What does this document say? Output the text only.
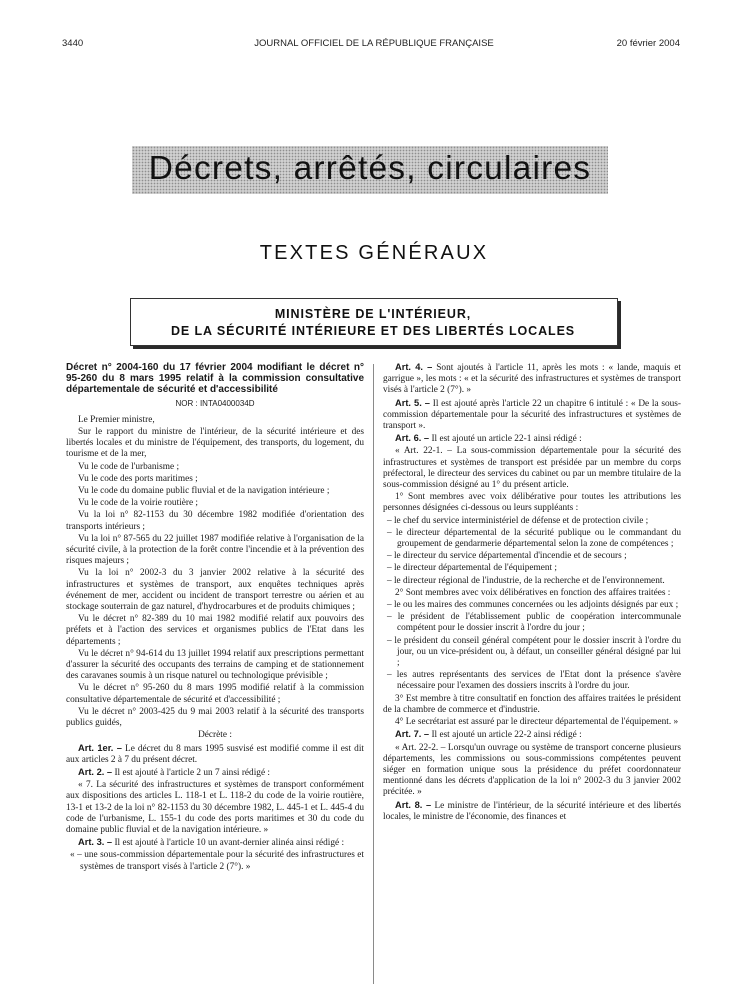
3440	JOURNAL OFFICIEL DE LA RÉPUBLIQUE FRANÇAISE	20 février 2004
Décrets, arrêtés, circulaires
TEXTES GÉNÉRAUX
MINISTÈRE DE L'INTÉRIEUR,
DE LA SÉCURITÉ INTÉRIEURE ET DES LIBERTÉS LOCALES

Décret n° 2004-160 du 17 février 2004 modifiant le décret n° 95-260 du 8 mars 1995 relatif à la commission consultative départementale de sécurité et d'accessibilité

NOR : INTA0400034D

Le Premier ministre,

Sur le rapport du ministre de l'intérieur, de la sécurité intérieure et des libertés locales et du ministre de l'équipement, des transports, du logement, du tourisme et de la mer,

Vu le code de l'urbanisme ;

Vu le code des ports maritimes ;

Vu le code du domaine public fluvial et de la navigation intérieure ;

Vu le code de la voirie routière ;

Vu la loi n° 82-1153 du 30 décembre 1982 modifiée d'orientation des transports intérieurs ;

Vu la loi n° 87-565 du 22 juillet 1987 modifiée relative à l'organisation de la sécurité civile, à la protection de la forêt contre l'incendie et à la prévention des risques majeurs ;

Vu la loi n° 2002-3 du 3 janvier 2002 relative à la sécurité des infrastructures et systèmes de transport, aux enquêtes techniques après événement de mer, accident ou incident de transport terrestre ou aérien et au stockage souterrain de gaz naturel, d'hydrocarbures et de produits chimiques ;

Vu le décret n° 82-389 du 10 mai 1982 modifié relatif aux pouvoirs des préfets et à l'action des services et organismes publics de l'Etat dans les départements ;

Vu le décret n° 94-614 du 13 juillet 1994 relatif aux prescriptions permettant d'assurer la sécurité des occupants des terrains de camping et de stationnement des caravanes soumis à un risque naturel ou technologique prévisible ;

Vu le décret n° 95-260 du 8 mars 1995 modifié relatif à la commission consultative départementale de sécurité et d'accessibilité ;

Vu le décret n° 2003-425 du 9 mai 2003 relatif à la sécurité des transports publics guidés,

Décrète :

Art. 1er. – Le décret du 8 mars 1995 susvisé est modifié comme il est dit aux articles 2 à 7 du présent décret.

Art. 2. – Il est ajouté à l'article 2 un 7 ainsi rédigé :

« 7. La sécurité des infrastructures et systèmes de transport conformément aux dispositions des articles L. 118-1 et L. 118-2 du code de la voirie routière, 13-1 et 13-2 de la loi n° 82-1153 du 30 décembre 1982, L. 445-1 et L. 445-4 du code de l'urbanisme, L. 155-1 du code des ports maritimes et 30 du code du domaine public fluvial et de la navigation intérieure. »

Art. 3. – Il est ajouté à l'article 10 un avant-dernier alinéa ainsi rédigé :

« – une sous-commission départementale pour la sécurité des infrastructures et systèmes de transport visés à l'article 2 (7°). »

Art. 4. – Sont ajoutés à l'article 11, après les mots : « lande, maquis et garrigue », les mots : « et la sécurité des infrastructures et systèmes de transport visés à l'article 2 (7°). »

Art. 5. – Il est ajouté après l'article 22 un chapitre 6 intitulé : « De la sous-commission départementale pour la sécurité des infrastructures et systèmes de transport ».

Art. 6. – Il est ajouté un article 22-1 ainsi rédigé :

« Art. 22-1. – La sous-commission départementale pour la sécurité des infrastructures et systèmes de transport est présidée par un membre du corps préfectoral, le directeur des services du cabinet ou par un membre titulaire de la sous-commission désigné au 1° du présent article.

1° Sont membres avec voix délibérative pour toutes les attributions les personnes désignées ci-dessous ou leurs suppléants :

– le chef du service interministériel de défense et de protection civile ;

– le directeur départemental de la sécurité publique ou le commandant du groupement de gendarmerie départemental selon la zone de compétences ;

– le directeur du service départemental d'incendie et de secours ;

– le directeur départemental de l'équipement ;

– le directeur régional de l'industrie, de la recherche et de l'environnement.

2° Sont membres avec voix délibératives en fonction des affaires traitées :

– le ou les maires des communes concernées ou les adjoints désignés par eux ;

– le président de l'établissement public de coopération intercommunale compétent pour le dossier inscrit à l'ordre du jour ;

– le président du conseil général compétent pour le dossier inscrit à l'ordre du jour, ou un vice-président ou, à défaut, un conseiller général désigné par lui ;

– les autres représentants des services de l'Etat dont la présence s'avère nécessaire pour l'examen des dossiers inscrits à l'ordre du jour.

3° Est membre à titre consultatif en fonction des affaires traitées le président de la chambre de commerce et d'industrie.

4° Le secrétariat est assuré par le directeur départemental de l'équipement. »

Art. 7. – Il est ajouté un article 22-2 ainsi rédigé :

« Art. 22-2. – Lorsqu'un ouvrage ou système de transport concerne plusieurs départements, les commissions ou sous-commissions compétentes peuvent siéger en formation unique sous la présidence du préfet coordonnateur mentionné dans les décrets d'application de la loi n° 2002-3 du 3 janvier 2002 précitée. »

Art. 8. – Le ministre de l'intérieur, de la sécurité intérieure et des libertés locales, le ministre de l'économie, des finances et
